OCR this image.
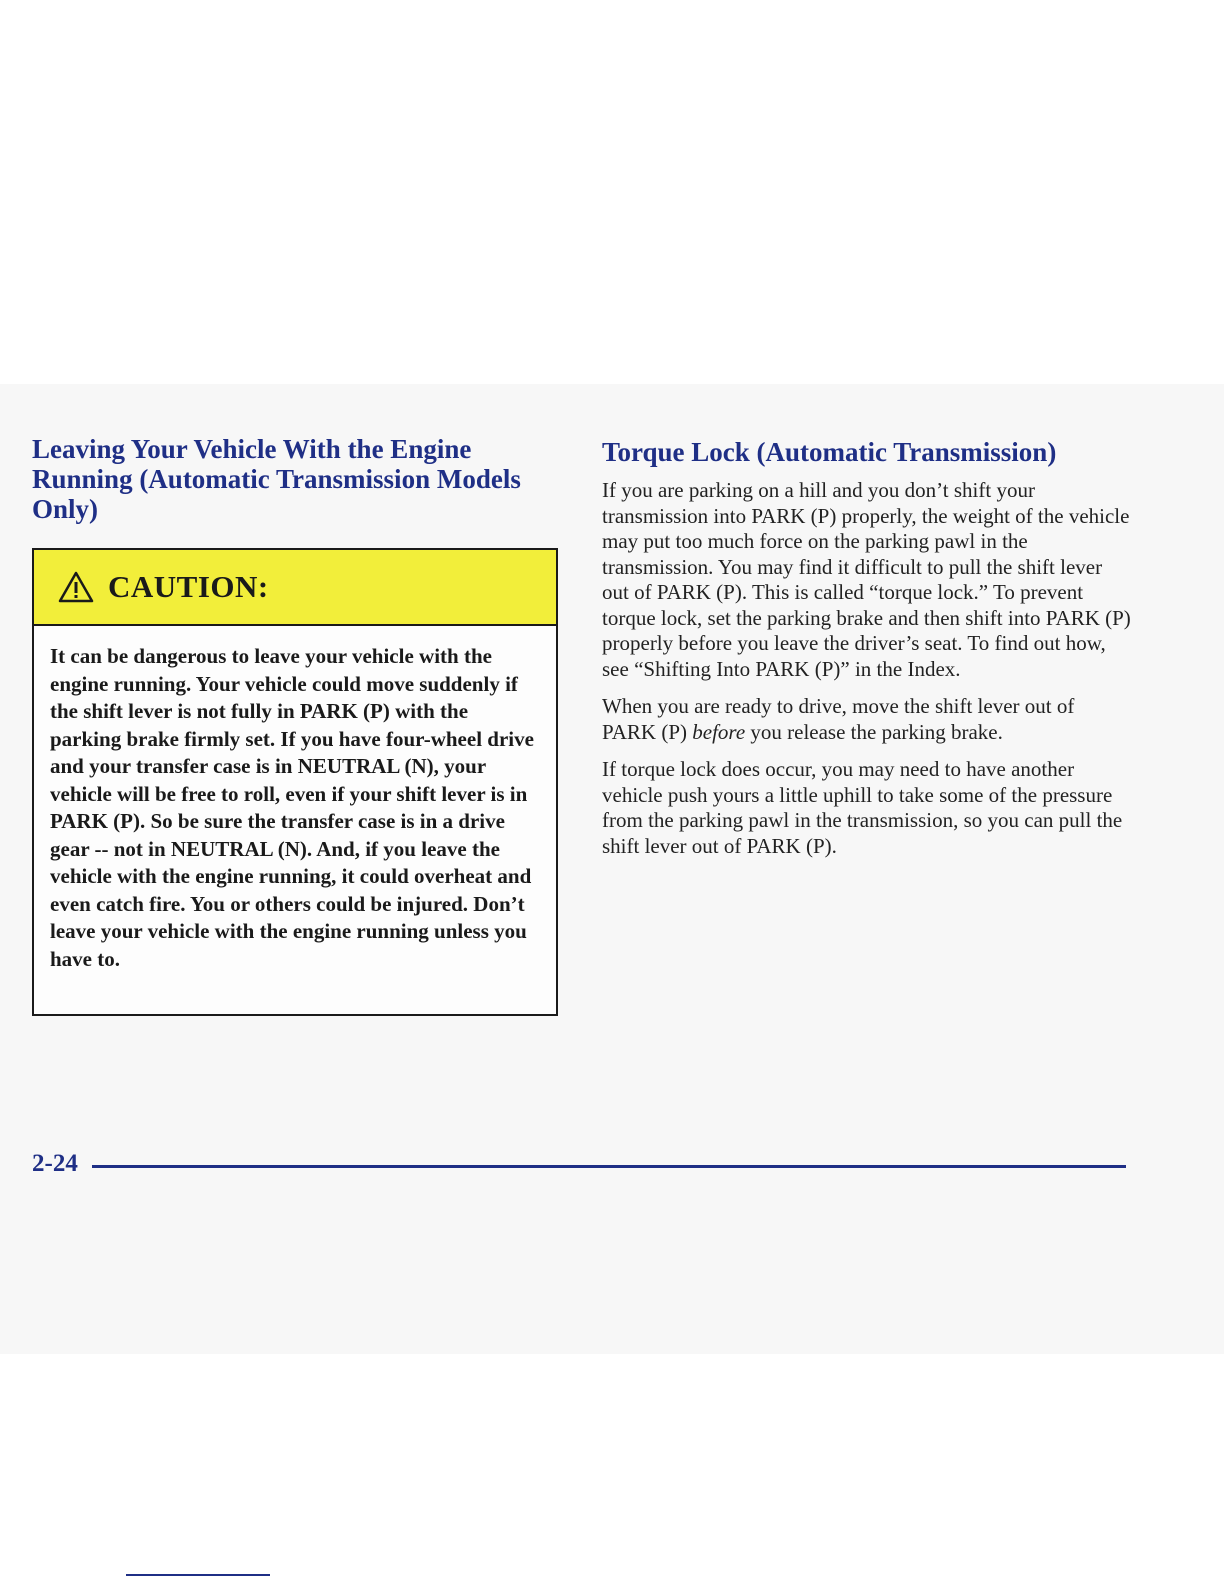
Leaving Your Vehicle With the Engine Running (Automatic Transmission Models Only)
CAUTION:

It can be dangerous to leave your vehicle with the engine running. Your vehicle could move suddenly if the shift lever is not fully in PARK (P) with the parking brake firmly set. If you have four-wheel drive and your transfer case is in NEUTRAL (N), your vehicle will be free to roll, even if your shift lever is in PARK (P). So be sure the transfer case is in a drive gear -- not in NEUTRAL (N). And, if you leave the vehicle with the engine running, it could overheat and even catch fire. You or others could be injured. Don’t leave your vehicle with the engine running unless you have to.

Torque Lock (Automatic Transmission)

If you are parking on a hill and you don’t shift your transmission into PARK (P) properly, the weight of the vehicle may put too much force on the parking pawl in the transmission. You may find it difficult to pull the shift lever out of PARK (P). This is called “torque lock.” To prevent torque lock, set the parking brake and then shift into PARK (P) properly before you leave the driver’s seat. To find out how, see “Shifting Into PARK (P)” in the Index.

When you are ready to drive, move the shift lever out of PARK (P) before you release the parking brake.

If torque lock does occur, you may need to have another vehicle push yours a little uphill to take some of the pressure from the parking pawl in the transmission, so you can pull the shift lever out of PARK (P).

2-24
